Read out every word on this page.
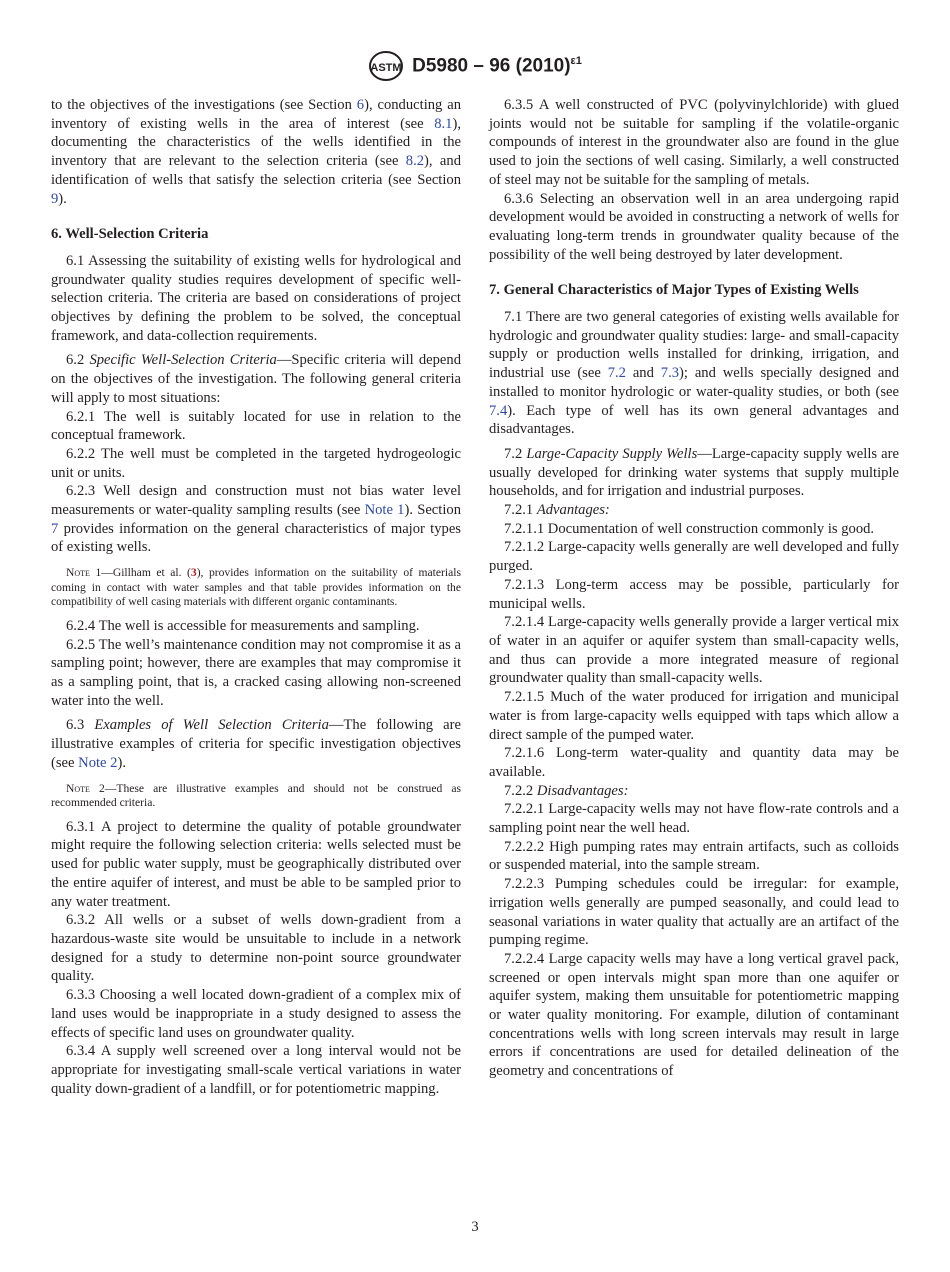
ASTM D5980 – 96 $(2010)^{\varepsilon 1}$

to the objectives of the investigations (see Section 6), conducting an inventory of existing wells in the area of interest (see 8.1), documenting the characteristics of the wells identified in the inventory that are relevant to the selection criteria (see 8.2), and identification of wells that satisfy the selection criteria (see Section 9).

6. Well-Selection Criteria

6.1 Assessing the suitability of existing wells for hydrological and groundwater quality studies requires development of specific well-selection criteria. The criteria are based on considerations of project objectives by defining the problem to be solved, the conceptual framework, and data-collection requirements.

6.2 Specific Well-Selection Criteria—Specific criteria will depend on the objectives of the investigation. The following general criteria will apply to most situations:

6.2.1 The well is suitably located for use in relation to the conceptual framework.

6.2.2 The well must be completed in the targeted hydrogeologic unit or units.

6.2.3 Well design and construction must not bias water level measurements or water-quality sampling results (see Note 1). Section 7 provides information on the general characteristics of major types of existing wells.

Note 1—Gillham et al. (3), provides information on the suitability of materials coming in contact with water samples and that table provides information on the compatibility of well casing materials with different organic contaminants.

6.2.4 The well is accessible for measurements and sampling.

6.2.5 The well’s maintenance condition may not compromise it as a sampling point; however, there are examples that may compromise it as a sampling point, that is, a cracked casing allowing non-screened water into the well.

6.3 Examples of Well Selection Criteria—The following are illustrative examples of criteria for specific investigation objectives (see Note 2).

Note 2—These are illustrative examples and should not be construed as recommended criteria.

6.3.1 A project to determine the quality of potable groundwater might require the following selection criteria: wells selected must be used for public water supply, must be geographically distributed over the entire aquifer of interest, and must be able to be sampled prior to any water treatment.

6.3.2 All wells or a subset of wells down-gradient from a hazardous-waste site would be unsuitable to include in a network designed for a study to determine non-point source groundwater quality.

6.3.3 Choosing a well located down-gradient of a complex mix of land uses would be inappropriate in a study designed to assess the effects of specific land uses on groundwater quality.

6.3.4 A supply well screened over a long interval would not be appropriate for investigating small-scale vertical variations in water quality down-gradient of a landfill, or for potentiometric mapping.

6.3.5 A well constructed of PVC (polyvinylchloride) with glued joints would not be suitable for sampling if the volatile-organic compounds of interest in the groundwater also are found in the glue used to join the sections of well casing. Similarly, a well constructed of steel may not be suitable for the sampling of metals.

6.3.6 Selecting an observation well in an area undergoing rapid development would be avoided in constructing a network of wells for evaluating long-term trends in groundwater quality because of the possibility of the well being destroyed by later development.

7. General Characteristics of Major Types of Existing Wells

7.1 There are two general categories of existing wells available for hydrologic and groundwater quality studies: large- and small-capacity supply or production wells installed for drinking, irrigation, and industrial use (see 7.2 and 7.3); and wells specially designed and installed to monitor hydrologic or water-quality studies, or both (see 7.4). Each type of well has its own general advantages and disadvantages.

7.2 Large-Capacity Supply Wells—Large-capacity supply wells are usually developed for drinking water systems that supply multiple households, and for irrigation and industrial purposes.

7.2.1 Advantages:

7.2.1.1 Documentation of well construction commonly is good.

7.2.1.2 Large-capacity wells generally are well developed and fully purged.

7.2.1.3 Long-term access may be possible, particularly for municipal wells.

7.2.1.4 Large-capacity wells generally provide a larger vertical mix of water in an aquifer or aquifer system than small-capacity wells, and thus can provide a more integrated measure of regional groundwater quality than small-capacity wells.

7.2.1.5 Much of the water produced for irrigation and municipal water is from large-capacity wells equipped with taps which allow a direct sample of the pumped water.

7.2.1.6 Long-term water-quality and quantity data may be available.

7.2.2 Disadvantages:

7.2.2.1 Large-capacity wells may not have flow-rate controls and a sampling point near the well head.

7.2.2.2 High pumping rates may entrain artifacts, such as colloids or suspended material, into the sample stream.

7.2.2.3 Pumping schedules could be irregular: for example, irrigation wells generally are pumped seasonally, and could lead to seasonal variations in water quality that actually are an artifact of the pumping regime.

7.2.2.4 Large capacity wells may have a long vertical gravel pack, screened or open intervals might span more than one aquifer or aquifer system, making them unsuitable for potentiometric mapping or water quality monitoring. For example, dilution of contaminant concentrations wells with long screen intervals may result in large errors if concentrations are used for detailed delineation of the geometry and concentrations of

3
